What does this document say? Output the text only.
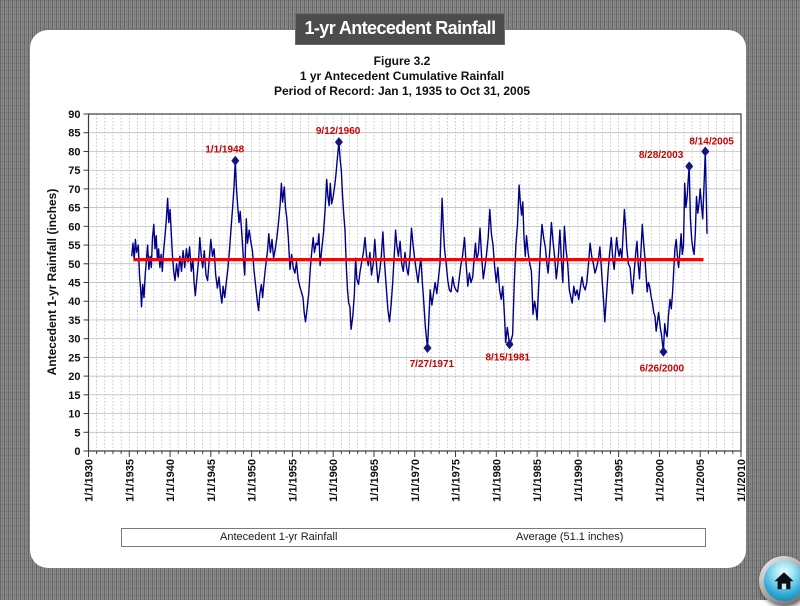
1-yr Antecedent Rainfall
Figure 3.2
1 yr Antecedent Cumulative Rainfall
Period of Record: Jan 1, 1935 to Oct 31, 2005
Antecedent 1-yr Rainfall (inches)
0
5
10
15
20
25
30
35
40
45
50
55
60
65
70
75
80
85
90
1/1/1930	1/1/1935	1/1/1940	1/1/1945	1/1/1950	1/1/1955	1/1/1960	1/1/1965	1/1/1970	1/1/1975	1/1/1980	1/1/1985	1/1/1990	1/1/1995	1/1/2000	1/1/2005	1/1/2010
1/1/1948
9/12/1960
7/27/1971
8/15/1981
6/26/2000
8/28/2003
8/14/2005
Antecedent 1-yr Rainfall	Average (51.1 inches)
